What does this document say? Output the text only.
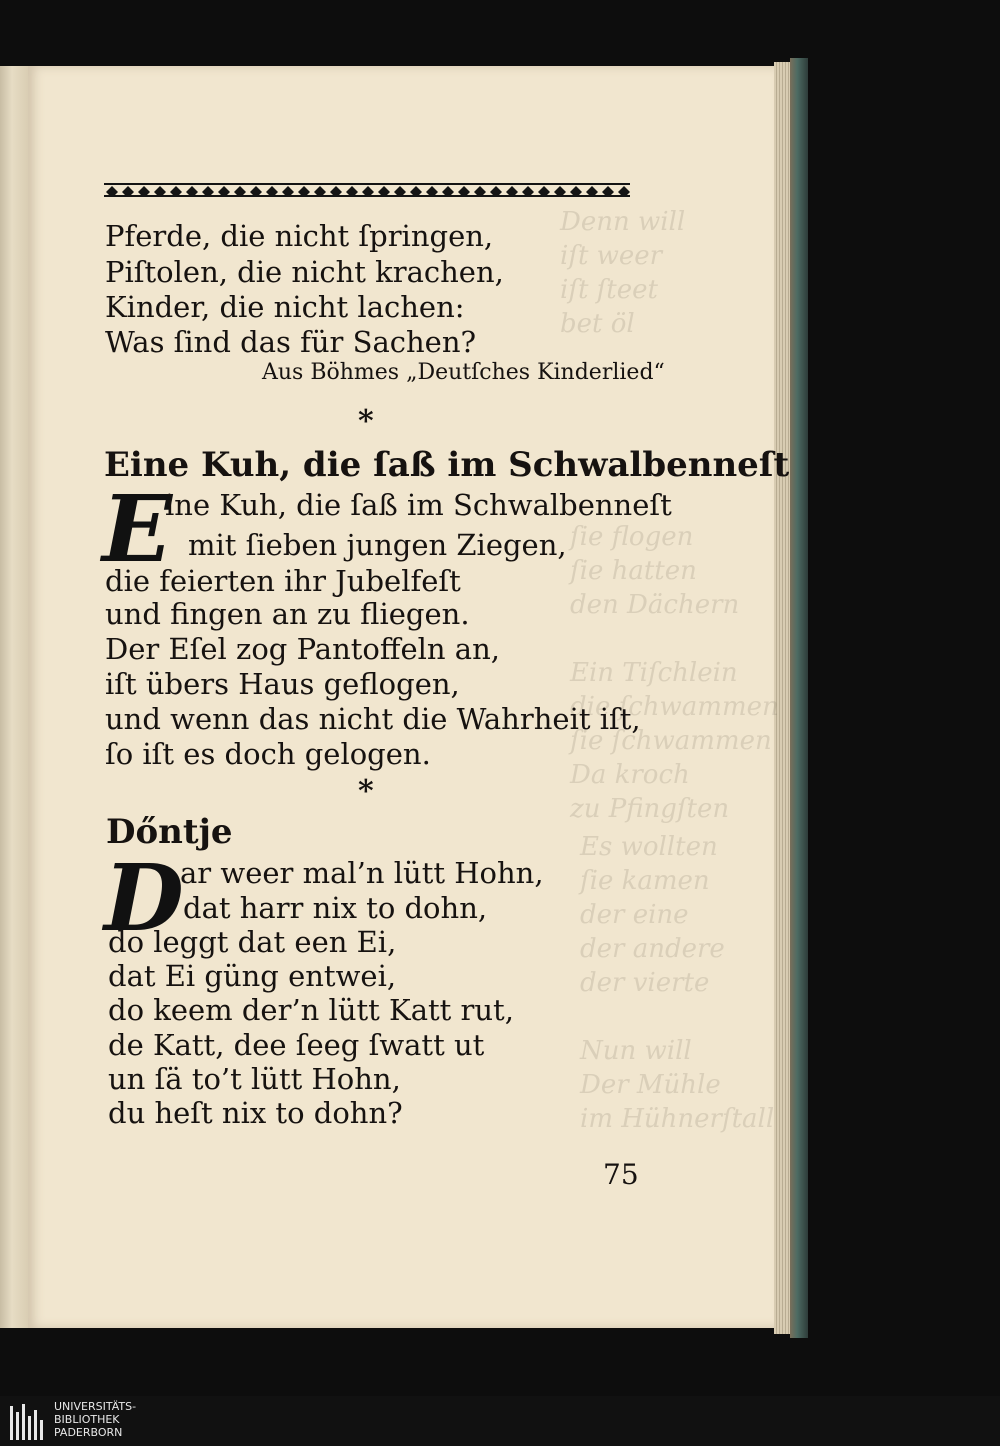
Denn will
iſt weer
iſt ſteet
bet öl
ſie flogen
ſie hatten
den Dächern

Ein Tiſchlein
die ſchwammen
ſie ſchwammen
Da kroch
zu Pfingſten
Es wollten
ſie kamen
der eine
der andere
der vierte

Nun will
Der Mühle
im Hühnerſtall
Pferde, die nicht ſpringen,
Piſtolen, die nicht krachen,
Kinder, die nicht lachen:
Was ſind das für Sachen?
Aus Böhmes „Deutſches Kinderlied“
*
Eine Kuh, die ſaß im Schwalbenneſt
E
ine Kuh, die ſaß im Schwalbenneſt
mit ſieben jungen Ziegen,
die feierten ihr Jubelfeſt
und fingen an zu fliegen.
Der Eſel zog Pantoffeln an,
iſt übers Haus geflogen,
und wenn das nicht die Wahrheit iſt,
ſo iſt es doch gelogen.
*
Dőntje
D
ar weer mal’n lütt Hohn,
dat harr nix to dohn,
do leggt dat een Ei,
dat Ei güng entwei,
do keem der’n lütt Katt rut,
de Katt, dee ſeeg ſwatt ut
un ſä to’t lütt Hohn,
du heſt nix to dohn?
75
UNIVERSITÄTS-
BIBLIOTHEK
PADERBORN
